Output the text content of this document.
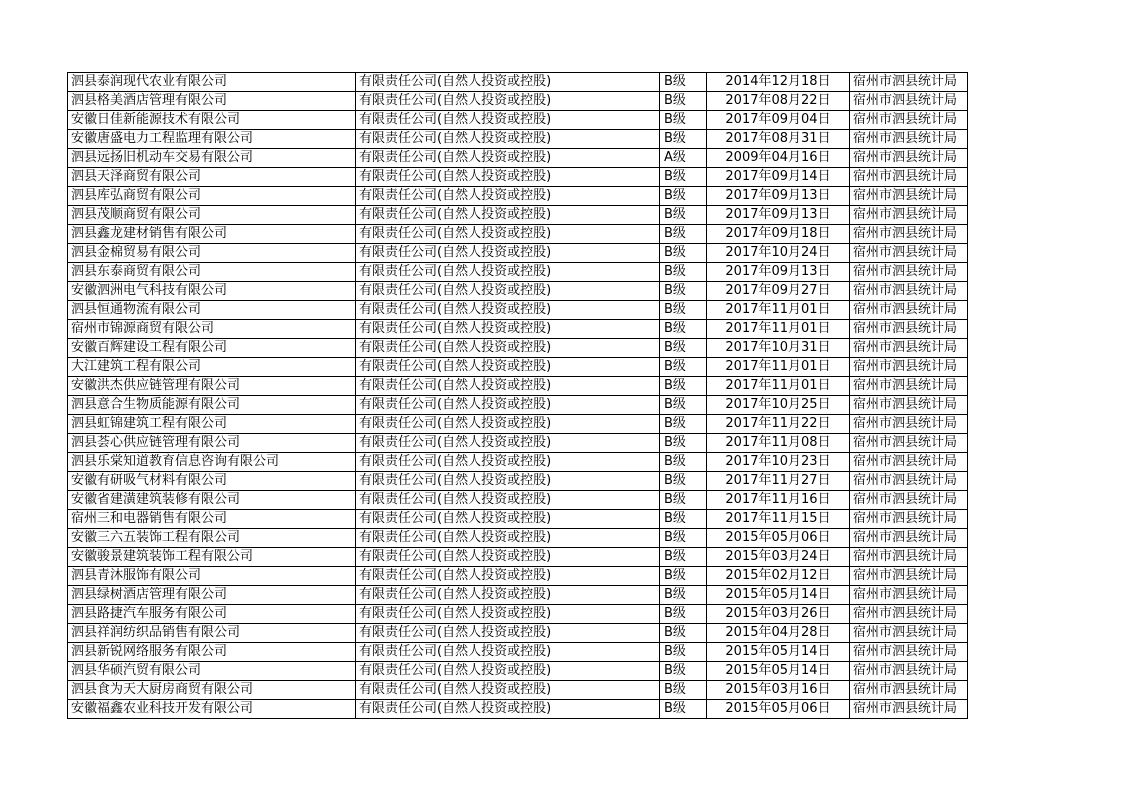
泗县泰润现代农业有限公司	有限责任公司(自然人投资或控股)	B级	2014年12月18日	宿州市泗县统计局
泗县格美酒店管理有限公司	有限责任公司(自然人投资或控股)	B级	2017年08月22日	宿州市泗县统计局
安徽日佳新能源技术有限公司	有限责任公司(自然人投资或控股)	B级	2017年09月04日	宿州市泗县统计局
安徽唐盛电力工程监理有限公司	有限责任公司(自然人投资或控股)	B级	2017年08月31日	宿州市泗县统计局
泗县远扬旧机动车交易有限公司	有限责任公司(自然人投资或控股)	A级	2009年04月16日	宿州市泗县统计局
泗县天泽商贸有限公司	有限责任公司(自然人投资或控股)	B级	2017年09月14日	宿州市泗县统计局
泗县库弘商贸有限公司	有限责任公司(自然人投资或控股)	B级	2017年09月13日	宿州市泗县统计局
泗县茂顺商贸有限公司	有限责任公司(自然人投资或控股)	B级	2017年09月13日	宿州市泗县统计局
泗县鑫龙建材销售有限公司	有限责任公司(自然人投资或控股)	B级	2017年09月18日	宿州市泗县统计局
泗县金棉贸易有限公司	有限责任公司(自然人投资或控股)	B级	2017年10月24日	宿州市泗县统计局
泗县东泰商贸有限公司	有限责任公司(自然人投资或控股)	B级	2017年09月13日	宿州市泗县统计局
安徽泗洲电气科技有限公司	有限责任公司(自然人投资或控股)	B级	2017年09月27日	宿州市泗县统计局
泗县恒通物流有限公司	有限责任公司(自然人投资或控股)	B级	2017年11月01日	宿州市泗县统计局
宿州市锦源商贸有限公司	有限责任公司(自然人投资或控股)	B级	2017年11月01日	宿州市泗县统计局
安徽百辉建设工程有限公司	有限责任公司(自然人投资或控股)	B级	2017年10月31日	宿州市泗县统计局
大江建筑工程有限公司	有限责任公司(自然人投资或控股)	B级	2017年11月01日	宿州市泗县统计局
安徽洪杰供应链管理有限公司	有限责任公司(自然人投资或控股)	B级	2017年11月01日	宿州市泗县统计局
泗县意合生物质能源有限公司	有限责任公司(自然人投资或控股)	B级	2017年10月25日	宿州市泗县统计局
泗县虹锦建筑工程有限公司	有限责任公司(自然人投资或控股)	B级	2017年11月22日	宿州市泗县统计局
泗县荟心供应链管理有限公司	有限责任公司(自然人投资或控股)	B级	2017年11月08日	宿州市泗县统计局
泗县乐棠知道教育信息咨询有限公司	有限责任公司(自然人投资或控股)	B级	2017年10月23日	宿州市泗县统计局
安徽有研吸气材料有限公司	有限责任公司(自然人投资或控股)	B级	2017年11月27日	宿州市泗县统计局
安徽省建潢建筑装修有限公司	有限责任公司(自然人投资或控股)	B级	2017年11月16日	宿州市泗县统计局
宿州三和电器销售有限公司	有限责任公司(自然人投资或控股)	B级	2017年11月15日	宿州市泗县统计局
安徽三六五装饰工程有限公司	有限责任公司(自然人投资或控股)	B级	2015年05月06日	宿州市泗县统计局
安徽骏景建筑装饰工程有限公司	有限责任公司(自然人投资或控股)	B级	2015年03月24日	宿州市泗县统计局
泗县青沐服饰有限公司	有限责任公司(自然人投资或控股)	B级	2015年02月12日	宿州市泗县统计局
泗县绿树酒店管理有限公司	有限责任公司(自然人投资或控股)	B级	2015年05月14日	宿州市泗县统计局
泗县路捷汽车服务有限公司	有限责任公司(自然人投资或控股)	B级	2015年03月26日	宿州市泗县统计局
泗县祥润纺织品销售有限公司	有限责任公司(自然人投资或控股)	B级	2015年04月28日	宿州市泗县统计局
泗县新锐网络服务有限公司	有限责任公司(自然人投资或控股)	B级	2015年05月14日	宿州市泗县统计局
泗县华硕汽贸有限公司	有限责任公司(自然人投资或控股)	B级	2015年05月14日	宿州市泗县统计局
泗县食为天大厨房商贸有限公司	有限责任公司(自然人投资或控股)	B级	2015年03月16日	宿州市泗县统计局
安徽福鑫农业科技开发有限公司	有限责任公司(自然人投资或控股)	B级	2015年05月06日	宿州市泗县统计局
